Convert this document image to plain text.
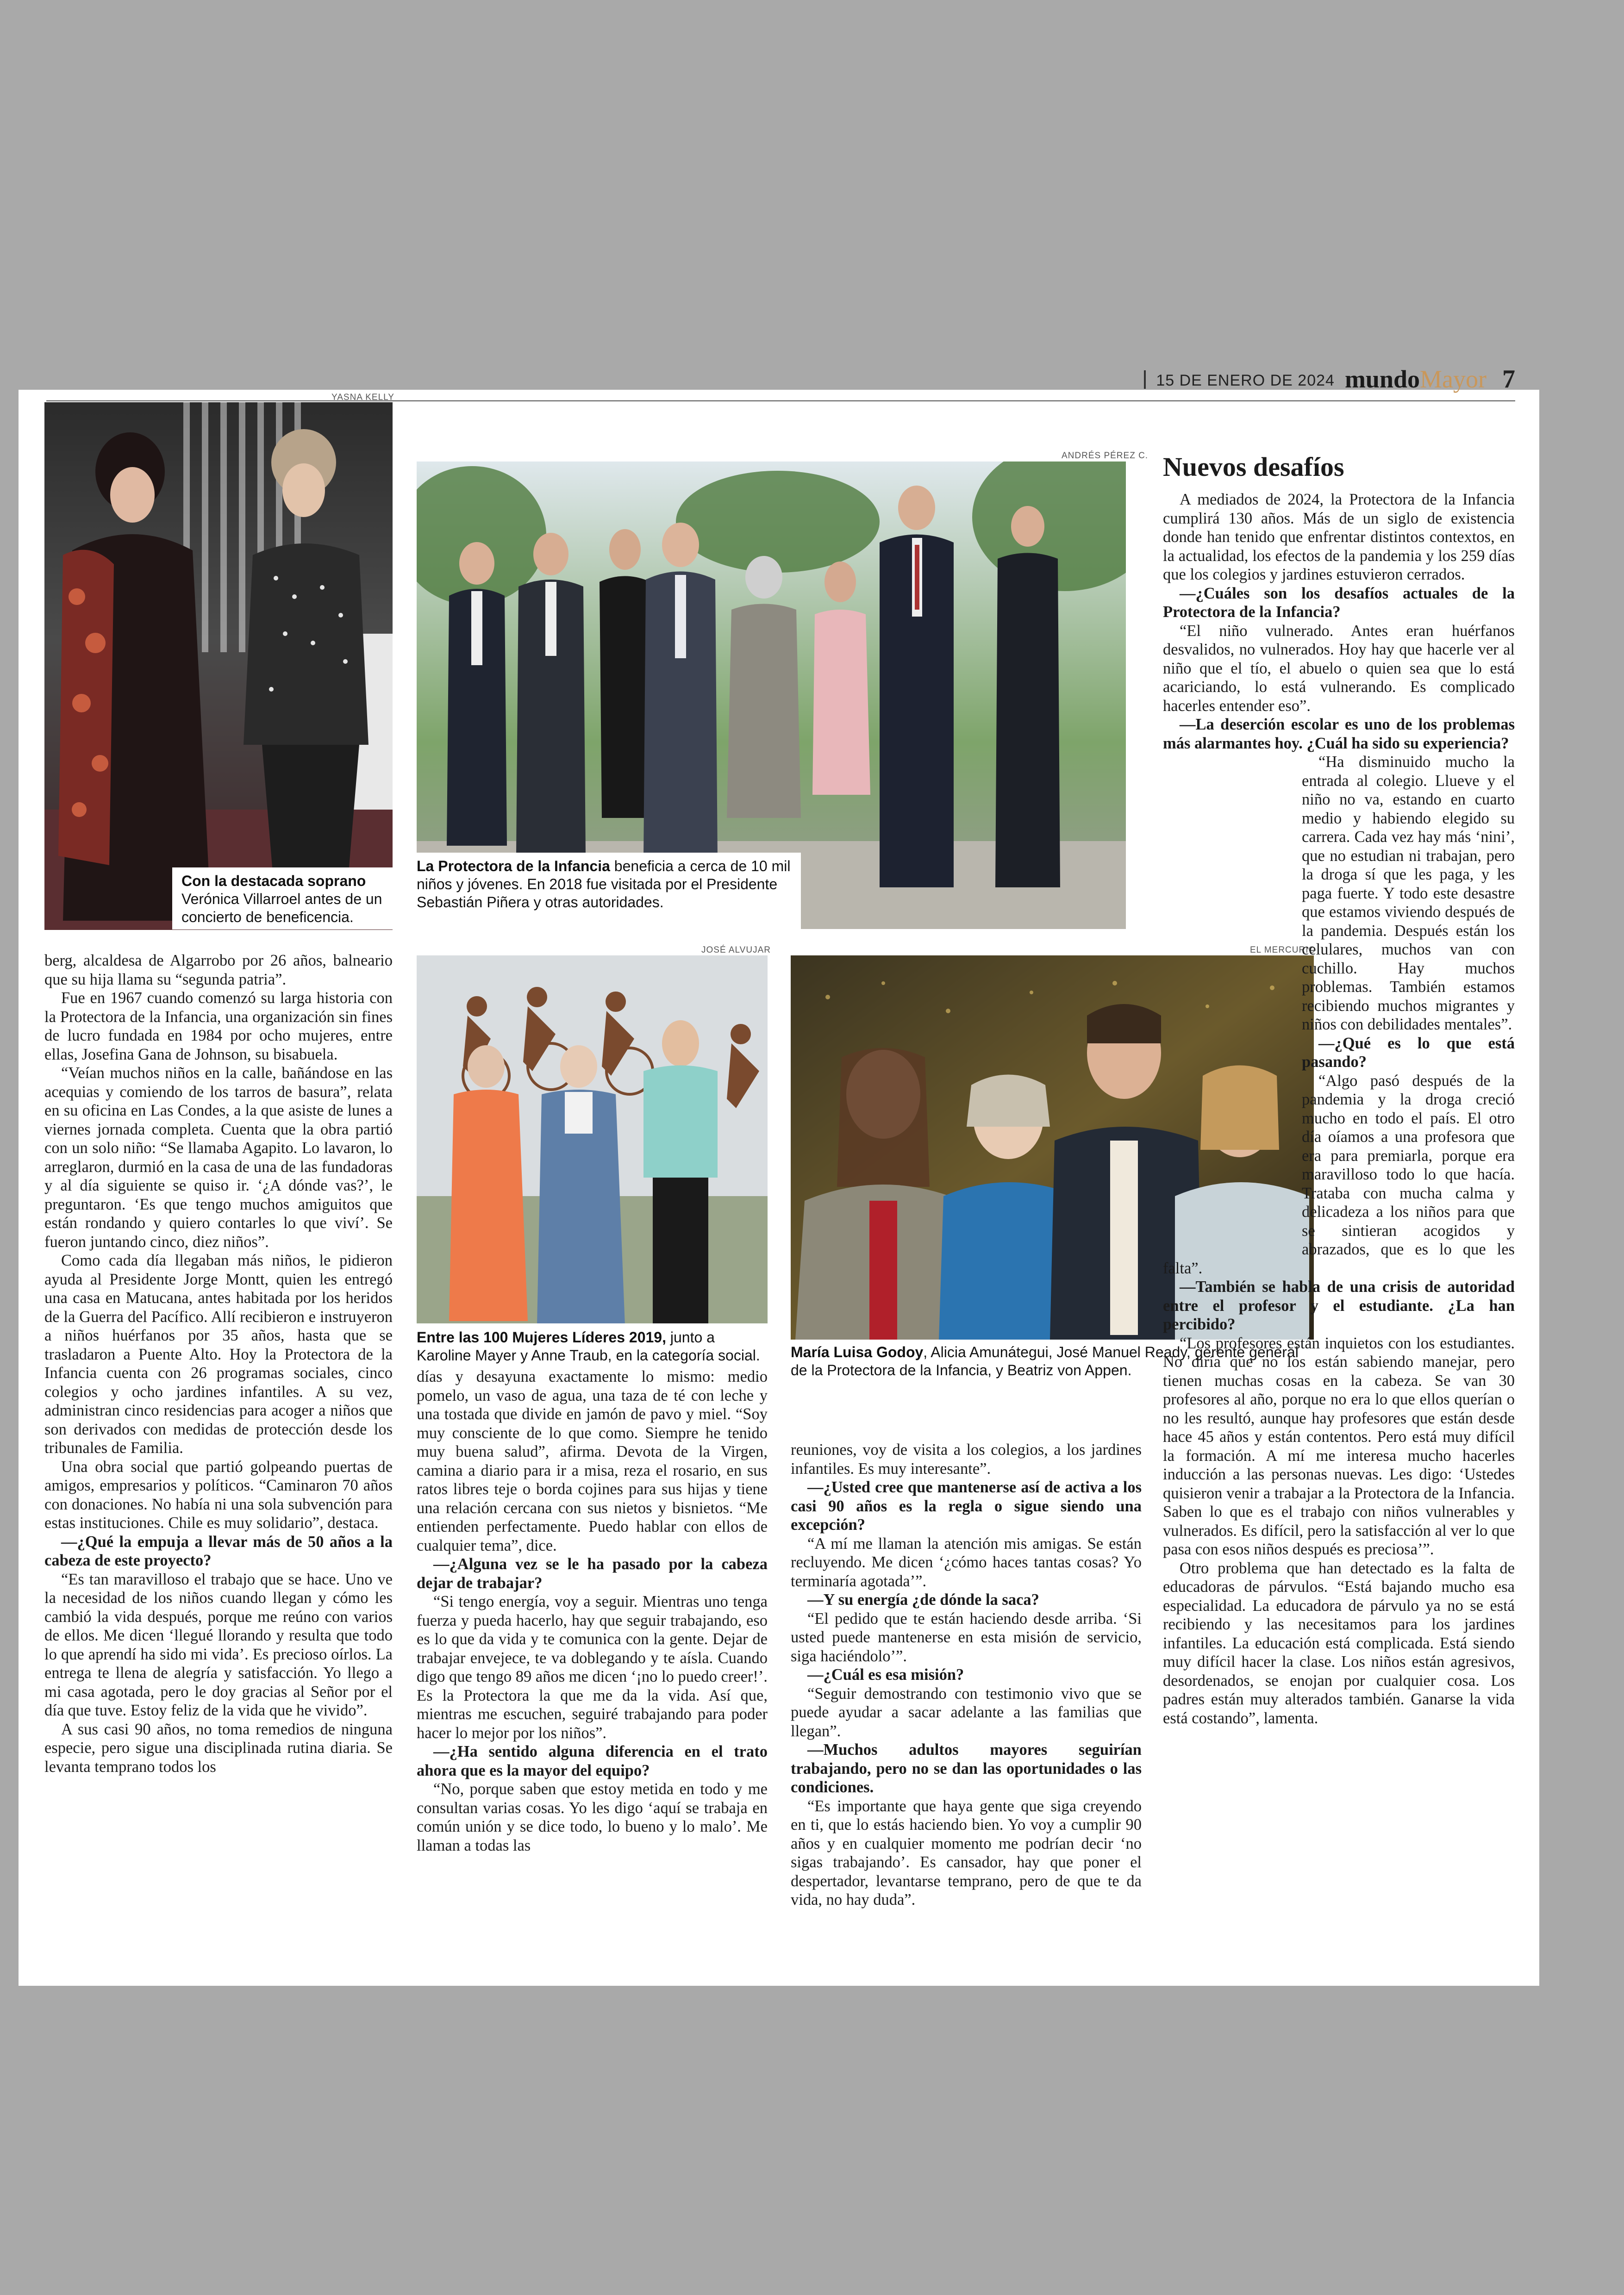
15 DE ENERO DE 2024 mundoMayor 7
YASNA KELLY
Con la destacada soprano
Verónica Villarroel antes de un concierto de beneficencia.
ANDRÉS PÉREZ C.
La Protectora de la Infancia beneficia a cerca de 10 mil niños y jóvenes. En 2018 fue visitada por el Presidente Sebastián Piñera y otras autoridades.
JOSÉ ALVUJAR
Entre las 100 Mujeres Líderes 2019, junto a Karoline Mayer y Anne Traub, en la categoría social.
EL MERCURIO
María Luisa Godoy, Alicia Amunátegui, José Manuel Ready, gerente general de la Protectora de la Infancia, y Beatriz von Appen.

berg, alcaldesa de Algarrobo por 26 años, balneario que su hija llama su “segunda patria”.

Fue en 1967 cuando comenzó su larga historia con la Protectora de la Infancia, una organización sin fines de lucro fundada en 1984 por ocho mujeres, entre ellas, Josefina Gana de Johnson, su bisabuela.

“Veían muchos niños en la calle, bañándose en las acequias y comiendo de los tarros de basura”, relata en su oficina en Las Condes, a la que asiste de lunes a viernes jornada completa. Cuenta que la obra partió con un solo niño: “Se llamaba Agapito. Lo lavaron, lo arreglaron, durmió en la casa de una de las fundadoras y al día siguiente se quiso ir. ‘¿A dónde vas?’, le preguntaron. ‘Es que tengo muchos amiguitos que están rondando y quiero contarles lo que viví’. Se fueron juntando cinco, diez niños”.

Como cada día llegaban más niños, le pidieron ayuda al Presidente Jorge Montt, quien les entregó una casa en Matucana, antes habitada por los heridos de la Guerra del Pacífico. Allí recibieron e instruyeron a niños huérfanos por 35 años, hasta que se trasladaron a Puente Alto. Hoy la Protectora de la Infancia cuenta con 26 programas sociales, cinco colegios y ocho jardines infantiles. A su vez, administran cinco residencias para acoger a niños que son derivados con medidas de protección desde los tribunales de Familia.

Una obra social que partió golpeando puertas de amigos, empresarios y políticos. “Caminaron 70 años con donaciones. No había ni una sola subvención para estas instituciones. Chile es muy solidario”, destaca.

—¿Qué la empuja a llevar más de 50 años a la cabeza de este proyecto?

“Es tan maravilloso el trabajo que se hace. Uno ve la necesidad de los niños cuando llegan y cómo les cambió la vida después, porque me reúno con varios de ellos. Me dicen ‘llegué llorando y resulta que todo lo que aprendí ha sido mi vida’. Es precioso oírlos. La entrega te llena de alegría y satisfacción. Yo llego a mi casa agotada, pero le doy gracias al Señor por el día que tuve. Estoy feliz de la vida que he vivido”.

A sus casi 90 años, no toma remedios de ninguna especie, pero sigue una disciplinada rutina diaria. Se levanta temprano todos los

días y desayuna exactamente lo mismo: medio pomelo, un vaso de agua, una taza de té con leche y una tostada que divide en jamón de pavo y miel. “Soy muy consciente de lo que como. Siempre he tenido muy buena salud”, afirma. Devota de la Virgen, camina a diario para ir a misa, reza el rosario, en sus ratos libres teje o borda cojines para sus hijas y tiene una relación cercana con sus nietos y bisnietos. “Me entienden perfectamente. Puedo hablar con ellos de cualquier tema”, dice.

—¿Alguna vez se le ha pasado por la cabeza dejar de trabajar?

“Si tengo energía, voy a seguir. Mientras uno tenga fuerza y pueda hacerlo, hay que seguir trabajando, eso es lo que da vida y te comunica con la gente. Dejar de trabajar envejece, te va doblegando y te aísla. Cuando digo que tengo 89 años me dicen ‘¡no lo puedo creer!’. Es la Protectora la que me da la vida. Así que, mientras me escuchen, seguiré trabajando para poder hacer lo mejor por los niños”.

—¿Ha sentido alguna diferencia en el trato ahora que es la mayor del equipo?

“No, porque saben que estoy metida en todo y me consultan varias cosas. Yo les digo ‘aquí se trabaja en común unión y se dice todo, lo bueno y lo malo’. Me llaman a todas las

reuniones, voy de visita a los colegios, a los jardines infantiles. Es muy interesante”.

—¿Usted cree que mantenerse así de activa a los casi 90 años es la regla o sigue siendo una excepción?

“A mí me llaman la atención mis amigas. Se están recluyendo. Me dicen ‘¿cómo haces tantas cosas? Yo terminaría agotada’”.

—Y su energía ¿de dónde la saca?

“El pedido que te están haciendo desde arriba. ‘Si usted puede mantenerse en esta misión de servicio, siga haciéndolo’”.

—¿Cuál es esa misión?

“Seguir demostrando con testimonio vivo que se puede ayudar a sacar adelante a las familias que llegan”.

—Muchos adultos mayores seguirían trabajando, pero no se dan las oportunidades o las condiciones.

“Es importante que haya gente que siga creyendo en ti, que lo estás haciendo bien. Yo voy a cumplir 90 años y en cualquier momento me podrían decir ‘no sigas trabajando’. Es cansador, hay que poner el despertador, levantarse temprano, pero de que te da vida, no hay duda”.

Nuevos desafíos

A mediados de 2024, la Protectora de la Infancia cumplirá 130 años. Más de un siglo de existencia donde han tenido que enfrentar distintos contextos, en la actualidad, los efectos de la pandemia y los 259 días que los colegios y jardines estuvieron cerrados.

—¿Cuáles son los desafíos actuales de la Protectora de la Infancia?

“El niño vulnerado. Antes eran huérfanos desvalidos, no vulnerados. Hoy hay que hacerle ver al niño que el tío, el abuelo o quien sea que lo está acariciando, lo está vulnerando. Es complicado hacerles entender eso”.

—La deserción escolar es uno de los problemas más alarmantes hoy. ¿Cuál ha sido su experiencia?

“Ha disminuido mucho la entrada al colegio. Llueve y el niño no va, estando en cuarto medio y habiendo elegido su carrera. Cada vez hay más ‘nini’, que no estudian ni trabajan, pero la droga sí que les paga, y les paga fuerte. Y todo este desastre que estamos viviendo después de la pandemia. Después están los celulares, muchos van con cuchillo. Hay muchos problemas. También estamos recibiendo muchos migrantes y niños con debilidades mentales”.

—¿Qué es lo que está pasando?

“Algo pasó después de la pandemia y la droga creció mucho en todo el país. El otro día oíamos a una profesora que era para premiarla, porque era maravilloso todo lo que hacía. Trataba con mucha calma y delicadeza a los niños para que se sintieran acogidos y abrazados, que es lo que les falta”.

—También se habla de una crisis de autoridad entre el profesor y el estudiante. ¿La han percibido?

“Los profesores están inquietos con los estudiantes. No diría que no los están sabiendo manejar, pero tienen muchas cosas en la cabeza. Se van 30 profesores al año, porque no era lo que ellos querían o no les resultó, aunque hay profesores que están desde hace 45 años y están contentos. Pero está muy difícil la formación. A mí me interesa mucho hacerles inducción a las personas nuevas. Les digo: ‘Ustedes quisieron venir a trabajar a la Protectora de la Infancia. Saben lo que es el trabajo con niños vulnerables y vulnerados. Es difícil, pero la satisfacción al ver lo que pasa con esos niños después es preciosa’”.

Otro problema que han detectado es la falta de educadoras de párvulos. “Está bajando mucho esa especialidad. La educadora de párvulo ya no se está recibiendo y las necesitamos para los jardines infantiles. La educación está complicada. Está siendo muy difícil hacer la clase. Los niños están agresivos, desordenados, se enojan por cualquier cosa. Los padres están muy alterados también. Ganarse la vida está costando”, lamenta.
